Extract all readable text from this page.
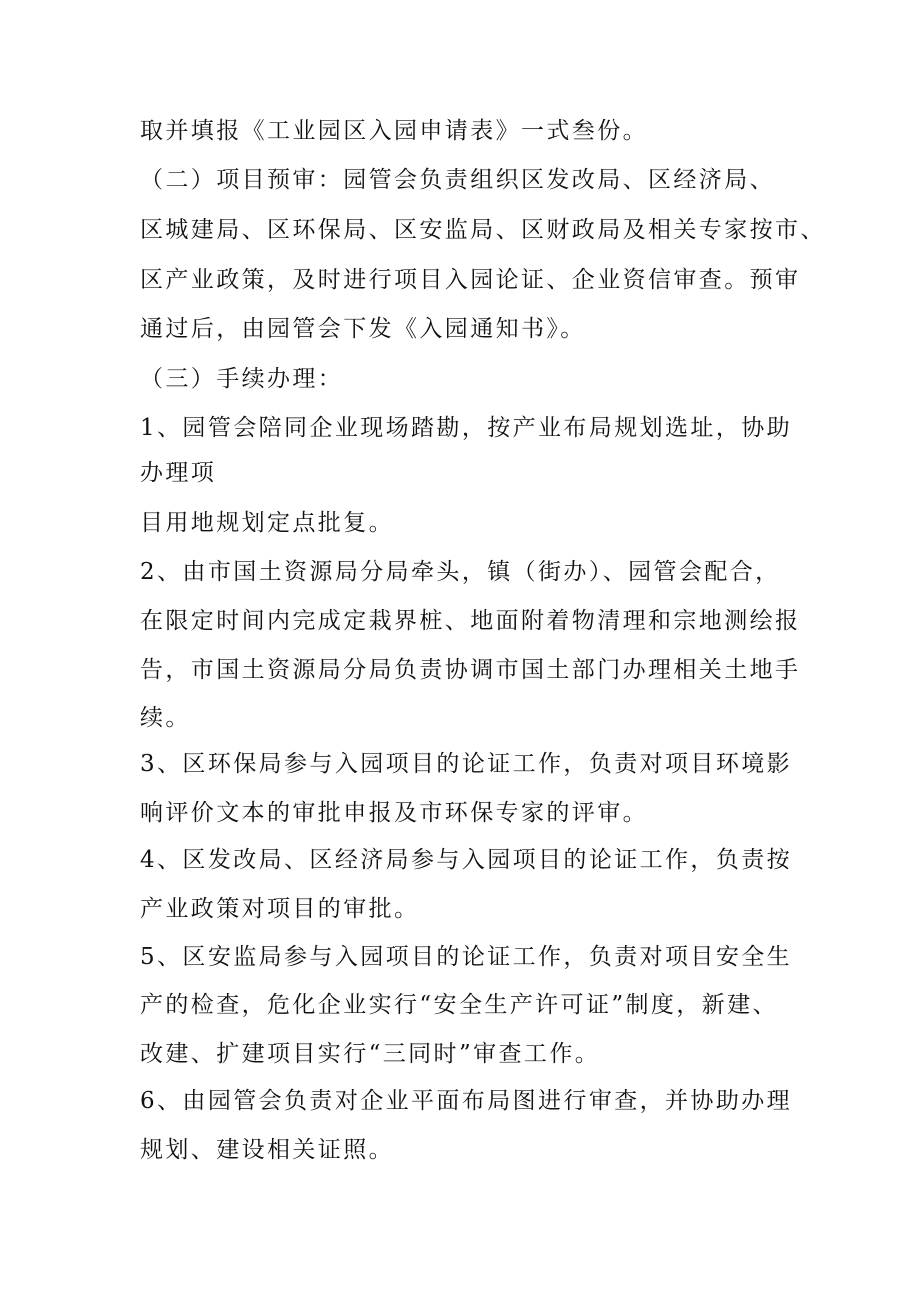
取并填报《工业园区入园申请表》一式叁份。

（二）项目预审：园管会负责组织区发改局、区经济局、

区城建局、区环保局、区安监局、区财政局及相关专家按市、

区产业政策，及时进行项目入园论证、企业资信审查。预审

通过后，由园管会下发《入园通知书》。

（三）手续办理：

1、园管会陪同企业现场踏勘，按产业布局规划选址，协助

办理项

目用地规划定点批复。

2、由市国土资源局分局牵头，镇（街办）、园管会配合，

在限定时间内完成定栽界桩、地面附着物清理和宗地测绘报

告，市国土资源局分局负责协调市国土部门办理相关土地手

续。

3、区环保局参与入园项目的论证工作，负责对项目环境影

响评价文本的审批申报及市环保专家的评审。

4、区发改局、区经济局参与入园项目的论证工作，负责按

产业政策对项目的审批。

5、区安监局参与入园项目的论证工作，负责对项目安全生

产的检查，危化企业实行“安全生产许可证”制度，新建、

改建、扩建项目实行“三同时”审查工作。

6、由园管会负责对企业平面布局图进行审查，并协助办理

规划、建设相关证照。
